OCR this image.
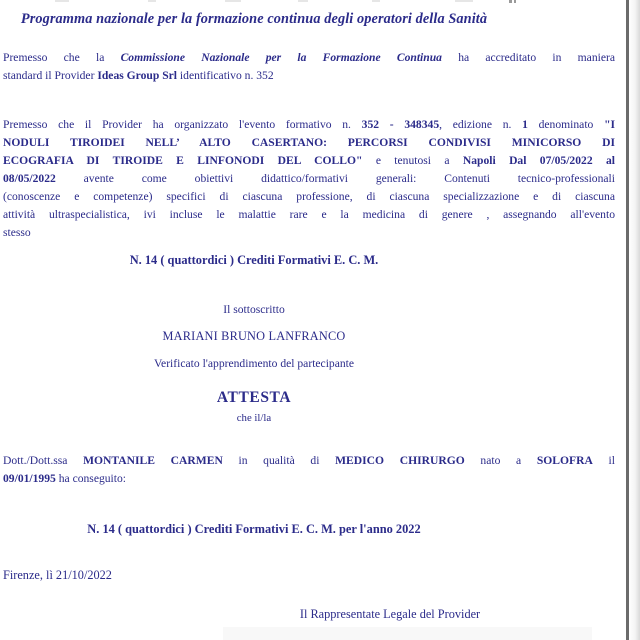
Programma nazionale per la formazione continua degli operatori della Sanità
Premesso che la Commissione Nazionale per la Formazione Continua ha accreditato in maniera
standard il Provider Ideas Group Srl identificativo n. 352
Premesso che il Provider ha organizzato l'evento formativo n. 352 - 348345, edizione n. 1 denominato "I
NODULI TIROIDEI NELL’ ALTO CASERTANO: PERCORSI CONDIVISI MINICORSO DI
ECOGRAFIA DI TIROIDE E LINFONODI DEL COLLO" e tenutosi a Napoli Dal 07/05/2022 al
08/05/2022 avente come obiettivi didattico/formativi generali: Contenuti tecnico-professionali
(conoscenze e competenze) specifici di ciascuna professione, di ciascuna specializzazione e di ciascuna
attività ultraspecialistica, ivi incluse le malattie rare e la medicina di genere , assegnando all'evento
stesso
N. 14 ( quattordici ) Crediti Formativi E. C. M.
Il sottoscritto
MARIANI BRUNO LANFRANCO
Verificato l'apprendimento del partecipante
ATTESTA
che il/la
Dott./Dott.ssa MONTANILE CARMEN in qualità di MEDICO CHIRURGO nato a SOLOFRA il
09/01/1995 ha conseguito:
N. 14 ( quattordici ) Crediti Formativi E. C. M. per l'anno 2022
Firenze, lì 21/10/2022
Il Rappresentate Legale del Provider
